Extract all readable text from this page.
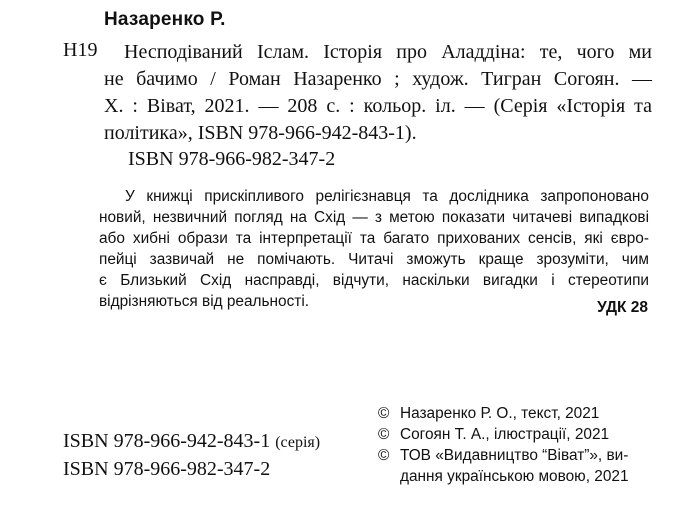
Назаренко Р.
Н19 Несподіваний Іслам. Історія про Аладдіна: те, чого ми
не бачимо / Роман Назаренко ; худож. Тигран Согоян. —
Х. : Віват, 2021. — 208 с. : кольор. іл. — (Серія «Історія та
політика», ISBN 978-966-942-843-1).
ISBN 978-966-982-347-2
У книжці прискіпливого релігієзнавця та дослідника запропоновано
новий, незвичний погляд на Схід — з метою показати читачеві випадкові
або хибні образи та інтерпретації та багато прихованих сенсів, які євро-
пейці зазвичай не помічають. Читачі зможуть краще зрозуміти, чим
є Близький Схід насправді, відчути, наскільки вигадки і стереотипи
відрізняються від реальності.	УДК 28
ISBN 978-966-942-843-1 (серія)
ISBN 978-966-982-347-2
© Назаренко Р. О., текст, 2021
© Согоян Т. А., ілюстрації, 2021
© ТОВ «Видавництво “Віват”», ви-
дання українською мовою, 2021
